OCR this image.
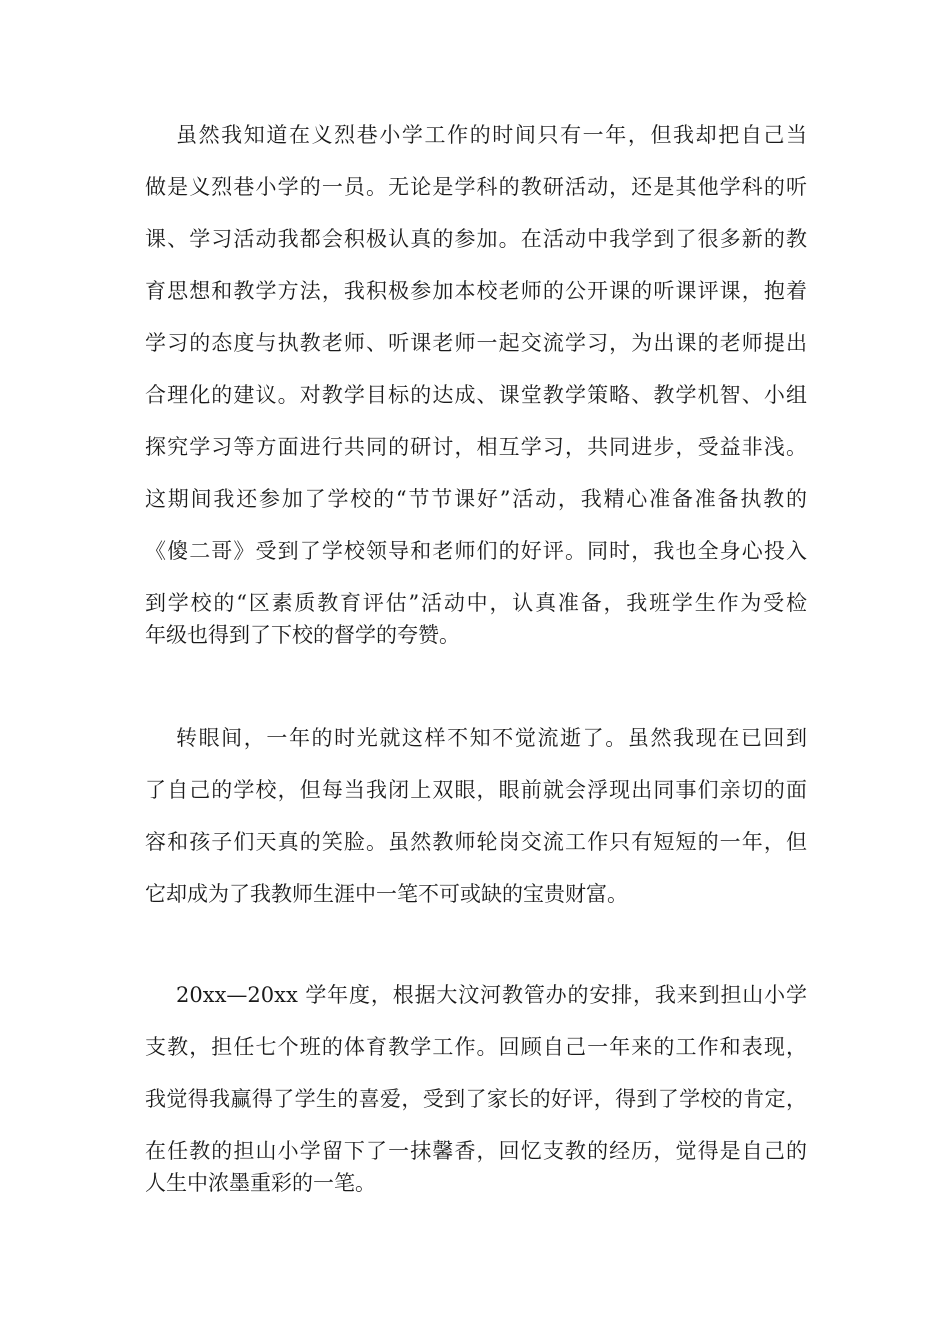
虽然我知道在义烈巷小学工作的时间只有一年，但我却把自己当
做是义烈巷小学的一员。无论是学科的教研活动，还是其他学科的听
课、学习活动我都会积极认真的参加。在活动中我学到了很多新的教
育思想和教学方法，我积极参加本校老师的公开课的听课评课，抱着
学习的态度与执教老师、听课老师一起交流学习，为出课的老师提出
合理化的建议。对教学目标的达成、课堂教学策略、教学机智、小组
探究学习等方面进行共同的研讨，相互学习，共同进步，受益非浅。
这期间我还参加了学校的“节节课好”活动，我精心准备准备执教的
《傻二哥》受到了学校领导和老师们的好评。同时，我也全身心投入
到学校的“区素质教育评估”活动中，认真准备，我班学生作为受检
年级也得到了下校的督学的夸赞。
转眼间，一年的时光就这样不知不觉流逝了。虽然我现在已回到
了自己的学校，但每当我闭上双眼，眼前就会浮现出同事们亲切的面
容和孩子们天真的笑脸。虽然教师轮岗交流工作只有短短的一年，但
它却成为了我教师生涯中一笔不可或缺的宝贵财富。
20xx—20xx 学年度，根据大汶河教管办的安排，我来到担山小学
支教，担任七个班的体育教学工作。回顾自己一年来的工作和表现，
我觉得我赢得了学生的喜爱，受到了家长的好评，得到了学校的肯定，
在任教的担山小学留下了一抹馨香，回忆支教的经历，觉得是自己的
人生中浓墨重彩的一笔。
